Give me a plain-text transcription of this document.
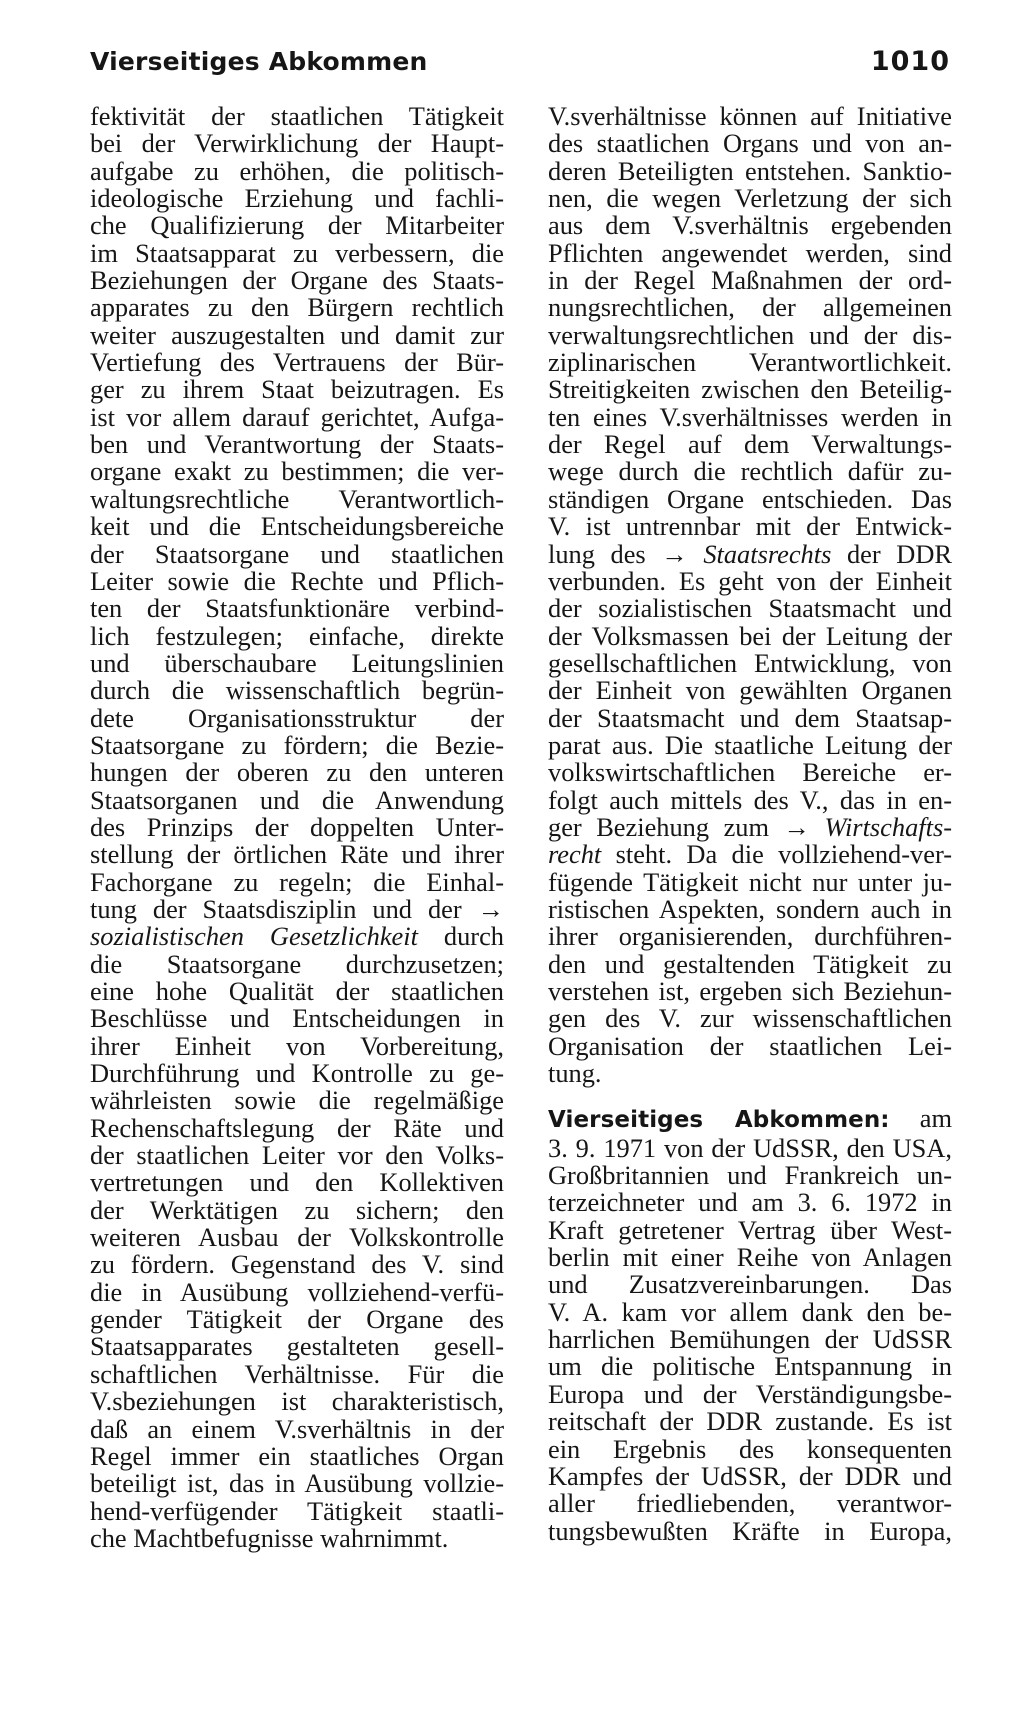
Vierseitiges Abkommen	1010
fektivität der staatlichen Tätigkeit
bei der Verwirklichung der Haupt-
aufgabe zu erhöhen, die politisch-
ideologische Erziehung und fachli-
che Qualifizierung der Mitarbeiter
im Staatsapparat zu verbessern, die
Beziehungen der Organe des Staats-
apparates zu den Bürgern rechtlich
weiter auszugestalten und damit zur
Vertiefung des Vertrauens der Bür-
ger zu ihrem Staat beizutragen. Es
ist vor allem darauf gerichtet, Aufga-
ben und Verantwortung der Staats-
organe exakt zu bestimmen; die ver-
waltungsrechtliche Verantwortlich-
keit und die Entscheidungsbereiche
der Staatsorgane und staatlichen
Leiter sowie die Rechte und Pflich-
ten der Staatsfunktionäre verbind-
lich festzulegen; einfache, direkte
und überschaubare Leitungslinien
durch die wissenschaftlich begrün-
dete Organisationsstruktur der
Staatsorgane zu fördern; die Bezie-
hungen der oberen zu den unteren
Staatsorganen und die Anwendung
des Prinzips der doppelten Unter-
stellung der örtlichen Räte und ihrer
Fachorgane zu regeln; die Einhal-
tung der Staatsdisziplin und der →
sozialistischen Gesetzlichkeit durch
die Staatsorgane durchzusetzen;
eine hohe Qualität der staatlichen
Beschlüsse und Entscheidungen in
ihrer Einheit von Vorbereitung,
Durchführung und Kontrolle zu ge-
währleisten sowie die regelmäßige
Rechenschaftslegung der Räte und
der staatlichen Leiter vor den Volks-
vertretungen und den Kollektiven
der Werktätigen zu sichern; den
weiteren Ausbau der Volkskontrolle
zu fördern. Gegenstand des V. sind
die in Ausübung vollziehend-verfü-
gender Tätigkeit der Organe des
Staatsapparates gestalteten gesell-
schaftlichen Verhältnisse. Für die
V.sbeziehungen ist charakteristisch,
daß an einem V.sverhältnis in der
Regel immer ein staatliches Organ
beteiligt ist, das in Ausübung vollzie-
hend-verfügender Tätigkeit staatli-
che Machtbefugnisse wahrnimmt.
V.sverhältnisse können auf Initiative
des staatlichen Organs und von an-
deren Beteiligten entstehen. Sanktio-
nen, die wegen Verletzung der sich
aus dem V.sverhältnis ergebenden
Pflichten angewendet werden, sind
in der Regel Maßnahmen der ord-
nungsrechtlichen, der allgemeinen
verwaltungsrechtlichen und der dis-
ziplinarischen Verantwortlichkeit.
Streitigkeiten zwischen den Beteilig-
ten eines V.sverhältnisses werden in
der Regel auf dem Verwaltungs-
wege durch die rechtlich dafür zu-
ständigen Organe entschieden. Das
V. ist untrennbar mit der Entwick-
lung des → Staatsrechts der DDR
verbunden. Es geht von der Einheit
der sozialistischen Staatsmacht und
der Volksmassen bei der Leitung der
gesellschaftlichen Entwicklung, von
der Einheit von gewählten Organen
der Staatsmacht und dem Staatsap-
parat aus. Die staatliche Leitung der
volkswirtschaftlichen Bereiche er-
folgt auch mittels des V., das in en-
ger Beziehung zum → Wirtschafts-
recht steht. Da die vollziehend-ver-
fügende Tätigkeit nicht nur unter ju-
ristischen Aspekten, sondern auch in
ihrer organisierenden, durchführen-
den und gestaltenden Tätigkeit zu
verstehen ist, ergeben sich Beziehun-
gen des V. zur wissenschaftlichen
Organisation der staatlichen Lei-
tung.
Vierseitiges Abkommen: am
3. 9. 1971 von der UdSSR, den USA,
Großbritannien und Frankreich un-
terzeichneter und am 3. 6. 1972 in
Kraft getretener Vertrag über West-
berlin mit einer Reihe von Anlagen
und Zusatzvereinbarungen. Das
V. A. kam vor allem dank den be-
harrlichen Bemühungen der UdSSR
um die politische Entspannung in
Europa und der Verständigungsbe-
reitschaft der DDR zustande. Es ist
ein Ergebnis des konsequenten
Kampfes der UdSSR, der DDR und
aller friedliebenden, verantwor-
tungsbewußten Kräfte in Europa,
